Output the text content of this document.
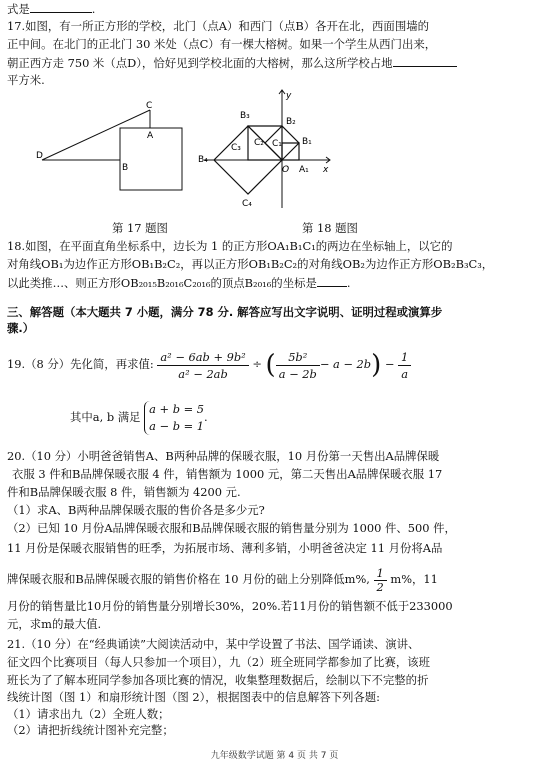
式是	.
17.如图，有一所正方形的学校，北门（点A）和西门（点B）各开在北，西面围墙的
正中间。在北门的正北门 30 米处（点C）有一棵大榕树。如果一个学生从西门出来，
朝正西方走 750 米（点D），恰好见到学校北面的大榕树，那么这所学校占地
平方米.
C
A
D
B
B₃
B₂
B₁
C₃ C₂ C₁
B₄
O A₁
C₄
x
y
第 17 题图	第 18 题图
18.如图，在平面直角坐标系中，边长为 1 的正方形OA₁B₁C₁的两边在坐标轴上，以它的
对角线OB₁为边作正方形OB₁B₂C₂，再以正方形OB₁B₂C₂的对角线OB₂为边作正方形OB₂B₃C₃，
以此类推…、则正方形OB₂₀₁₅B₂₀₁₆C₂₀₁₆的顶点B₂₀₁₆的坐标是	.
三、解答题（本大题共 7 小题，满分 78 分. 解答应写出文字说明、证明过程或演算步
骤.）
19.（8 分）先化简，再求值: $\frac{\text{a² − 6ab + 9b²}}{\text{a² − 2ab}}$ ÷ ( $\frac{\text{5b²}}{a - 2b} - a - 2b) - \frac{1}{a}$
其中a, b 满足
a + b = 5
a − b = 1
.
20.（10 分）小明爸爸销售A、B两种品牌的保暖衣服，10 月份第一天售出A品牌保暖
衣服 3 件和B品牌保暖衣服 4 件，销售额为 1000 元，第二天售出A品牌保暖衣服 17
件和B品牌保暖衣服 8 件，销售额为 4200 元.
（1）求A、B两种品牌保暖衣服的售价各是多少元?
（2）已知 10 月份A品牌保暖衣服和B品牌保暖衣服的销售量分别为 1000 件、500 件，
11 月份是保暖衣服销售的旺季，为拓展市场、薄利多销，小明爸爸决定 11 月份将A品
牌保暖衣服和B品牌保暖衣服的销售价格在 10 月份的础上分别降低m%, $\frac{1}{2} m\%$，11
月份的销售量比10月份的销售量分别增长30%，20%.若11月份的销售额不低于233000
元，求m的最大值.
21.（10 分）在“经典诵读”大阅读活动中，某中学设置了书法、国学诵读、演讲、
征文四个比赛项目（每人只参加一个项目），九（2）班全班同学都参加了比赛，该班
班长为了了解本班同学参加各项比赛的情况，收集整理数据后，绘制以下不完整的折
线统计图（图 1）和扇形统计图（图 2），根据图表中的信息解答下列各题:
（1）请求出九（2）全班人数；
（2）请把折线统计图补充完整；
九年级数学试题 第 4 页 共 7 页
